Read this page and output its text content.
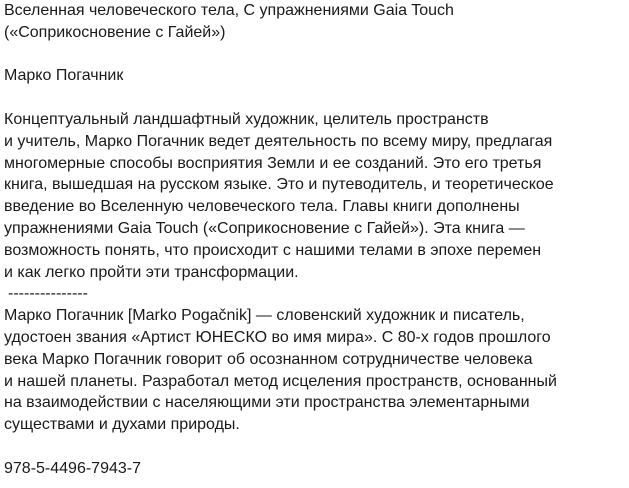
Вселенная человеческого тела, С упражнениями Gaia Touch
(«Соприкосновение с Гайей»)
Марко Погачник
Концептуальный ландшафтный художник, целитель пространств
и учитель, Марко Погачник ведет деятельность по всему миру, предлагая
многомерные способы восприятия Земли и ее созданий. Это его третья
книга, вышедшая на русском языке. Это и путеводитель, и теоретическое
введение во Вселенную человеческого тела. Главы книги дополнены
упражнениями Gaia Touch («Соприкосновение с Гайей»). Эта книга —
возможность понять, что происходит с нашими телами в эпохе перемен
и как легко пройти эти трансформации.
---------------
Марко Погачник [Marko Pogačnik] — словенский художник и писатель,
удостоен звания «Артист ЮНЕСКО во имя мира». С 80-х годов прошлого
века Марко Погачник говорит об осознанном сотрудничестве человека
и нашей планеты. Разработал метод исцеления пространств, основанный
на взаимодействии с населяющими эти пространства элементарными
существами и духами природы.
978-5-4496-7943-7
